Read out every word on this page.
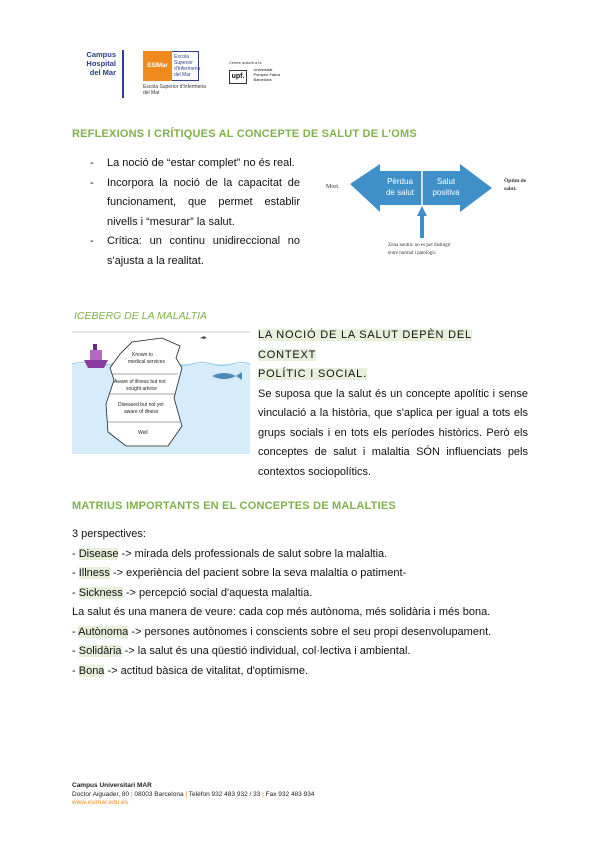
Campus
Hospital
del Mar
ESIMar
Escola
Superior
d'Infermeria
del Mar
Escola Superior d'Infermeria del Mar
Centre adscrit a la
upf.
Universitat
Pompeu Fabra
Barcelona
REFLEXIONS I CRÍTIQUES AL CONCEPTE DE SALUT DE L'OMS
- La noció de “estar complet” no és real.
- Incorpora la noció de la capacitat de funcionament, que permet establir nivells i “mesurar” la salut.
- Crítica: un continu unidireccional no s'ajusta a la realitat.
Mort.
Pèrdua
de salut
Salut
positiva
Òptim de
salut.
Zona neutra: no es pot distingir
entre normal i patològic
ICEBERG DE LA MALALTIA
Known to
medical services
Aware of illness but not
sought advice
Diseased but not yet
aware of illness
Well
LA NOCIÓ DE LA SALUT DEPÈN DEL CONTEXT
POLÍTIC I SOCIAL.
Se suposa que la salut és un concepte apolític i sense vinculació a la història, que s'aplica per igual a tots els grups socials i en tots els períodes històrics. Però els conceptes de salut i malaltia SÓN influenciats pels contextos sociopolítics.
MATRIUS IMPORTANTS EN EL CONCEPTES DE MALALTIES
3 perspectives:
- Disease -> mirada dels professionals de salut sobre la malaltia.
- Illness -> experiència del pacient sobre la seva malaltia o patiment-
- Sickness -> percepció social d'aquesta malaltia.
La salut és una manera de veure: cada cop més autònoma, més solidària i més bona.
- Autònoma -> persones autònomes i conscients sobre el seu propi desenvolupament.
- Solidària -> la salut és una qüestió individual, col·lectiva i ambiental.
- Bona -> actitud bàsica de vitalitat, d'optimisme.
Campus Universitari MAR
Doctor Aiguader, 80 | 08003 Barcelona | Telèfon 932 483 932 / 33 | Fax 932 483 934
www.esimar.edu.es
